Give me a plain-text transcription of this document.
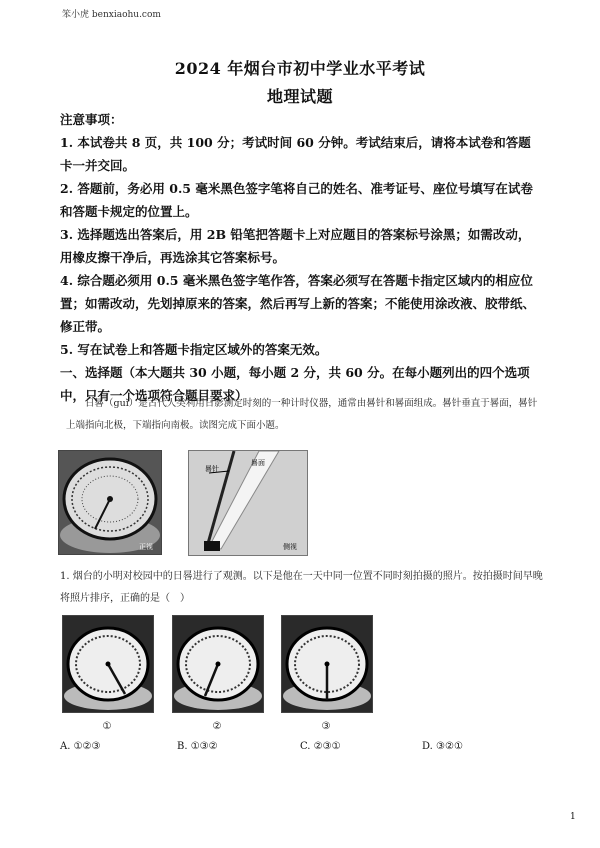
笨小虎 benxiaohu.com
2024 年烟台市初中学业水平考试
地理试题
注意事项：
1. 本试卷共 8 页，共 100 分；考试时间 60 分钟。考试结束后，请将本试卷和答题卡一并交回。
2. 答题前，务必用 0.5 毫米黑色签字笔将自己的姓名、准考证号、座位号填写在试卷和答题卡规定的位置上。
3. 选择题选出答案后，用 2B 铅笔把答题卡上对应题目的答案标号涂黑；如需改动，用橡皮擦干净后，再选涂其它答案标号。
4. 综合题必须用 0.5 毫米黑色签字笔作答，答案必须写在答题卡指定区域内的相应位置；如需改动，先划掉原来的答案，然后再写上新的答案；不能使用涂改液、胶带纸、修正带。
5. 写在试卷上和答题卡指定区域外的答案无效。
一、选择题（本大题共 30 小题，每小题 2 分，共 60 分。在每小题列出的四个选项中，只有一个选项符合题目要求）
日晷（guǐ）是古代人类利用日影测定时刻的一种计时仪器，通常由晷针和晷面组成。晷针垂直于晷面，晷针上端指向北极，下端指向南极。读图完成下面小题。
正视
晷针
晷面
侧视
1. 烟台的小明对校园中的日晷进行了观测。以下是他在一天中同一位置不同时刻拍摄的照片。按拍摄时间早晚将照片排序，正确的是（　）
①	②	③
A. ①②③	B. ①③②	C. ②③①	D. ③②①
1
